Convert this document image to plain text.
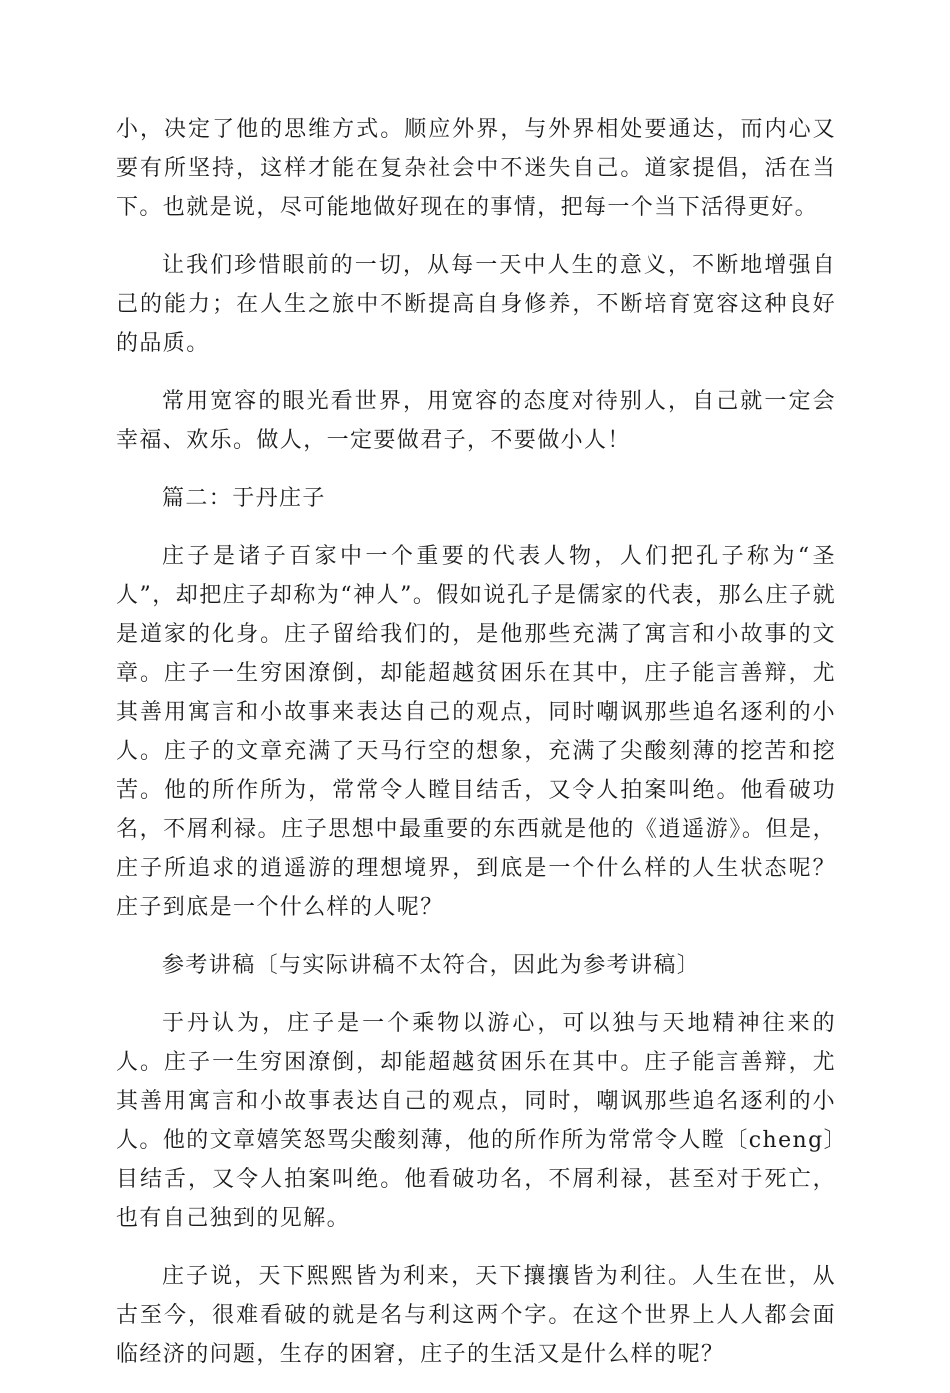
小，决定了他的思维方式。顺应外界，与外界相处要通达，而内心又要有所坚持，这样才能在复杂社会中不迷失自己。道家提倡，活在当下。也就是说，尽可能地做好现在的事情，把每一个当下活得更好。

让我们珍惜眼前的一切，从每一天中人生的意义，不断地增强自己的能力；在人生之旅中不断提高自身修养，不断培育宽容这种良好的品质。

常用宽容的眼光看世界，用宽容的态度对待别人，自己就一定会幸福、欢乐。做人，一定要做君子，不要做小人！

篇二：于丹庄子

庄子是诸子百家中一个重要的代表人物，人们把孔子称为“圣人”，却把庄子却称为“神人”。假如说孔子是儒家的代表，那么庄子就是道家的化身。庄子留给我们的，是他那些充满了寓言和小故事的文章。庄子一生穷困潦倒，却能超越贫困乐在其中，庄子能言善辩，尤其善用寓言和小故事来表达自己的观点，同时嘲讽那些追名逐利的小人。庄子的文章充满了天马行空的想象，充满了尖酸刻薄的挖苦和挖苦。他的所作所为，常常令人瞠目结舌，又令人拍案叫绝。他看破功名，不屑利禄。庄子思想中最重要的东西就是他的《逍遥游》。但是，庄子所追求的逍遥游的理想境界，到底是一个什么样的人生状态呢？庄子到底是一个什么样的人呢？

参考讲稿〔与实际讲稿不太符合，因此为参考讲稿〕

于丹认为，庄子是一个乘物以游心，可以独与天地精神往来的人。庄子一生穷困潦倒，却能超越贫困乐在其中。庄子能言善辩，尤其善用寓言和小故事表达自己的观点，同时，嘲讽那些追名逐利的小人。他的文章嬉笑怒骂尖酸刻薄，他的所作所为常常令人瞠〔cheng〕目结舌，又令人拍案叫绝。他看破功名，不屑利禄，甚至对于死亡，也有自己独到的见解。

庄子说，天下熙熙皆为利来，天下攘攘皆为利往。人生在世，从古至今，很难看破的就是名与利这两个字。在这个世界上人人都会面临经济的问题，生存的困窘，庄子的生活又是什么样的呢？
